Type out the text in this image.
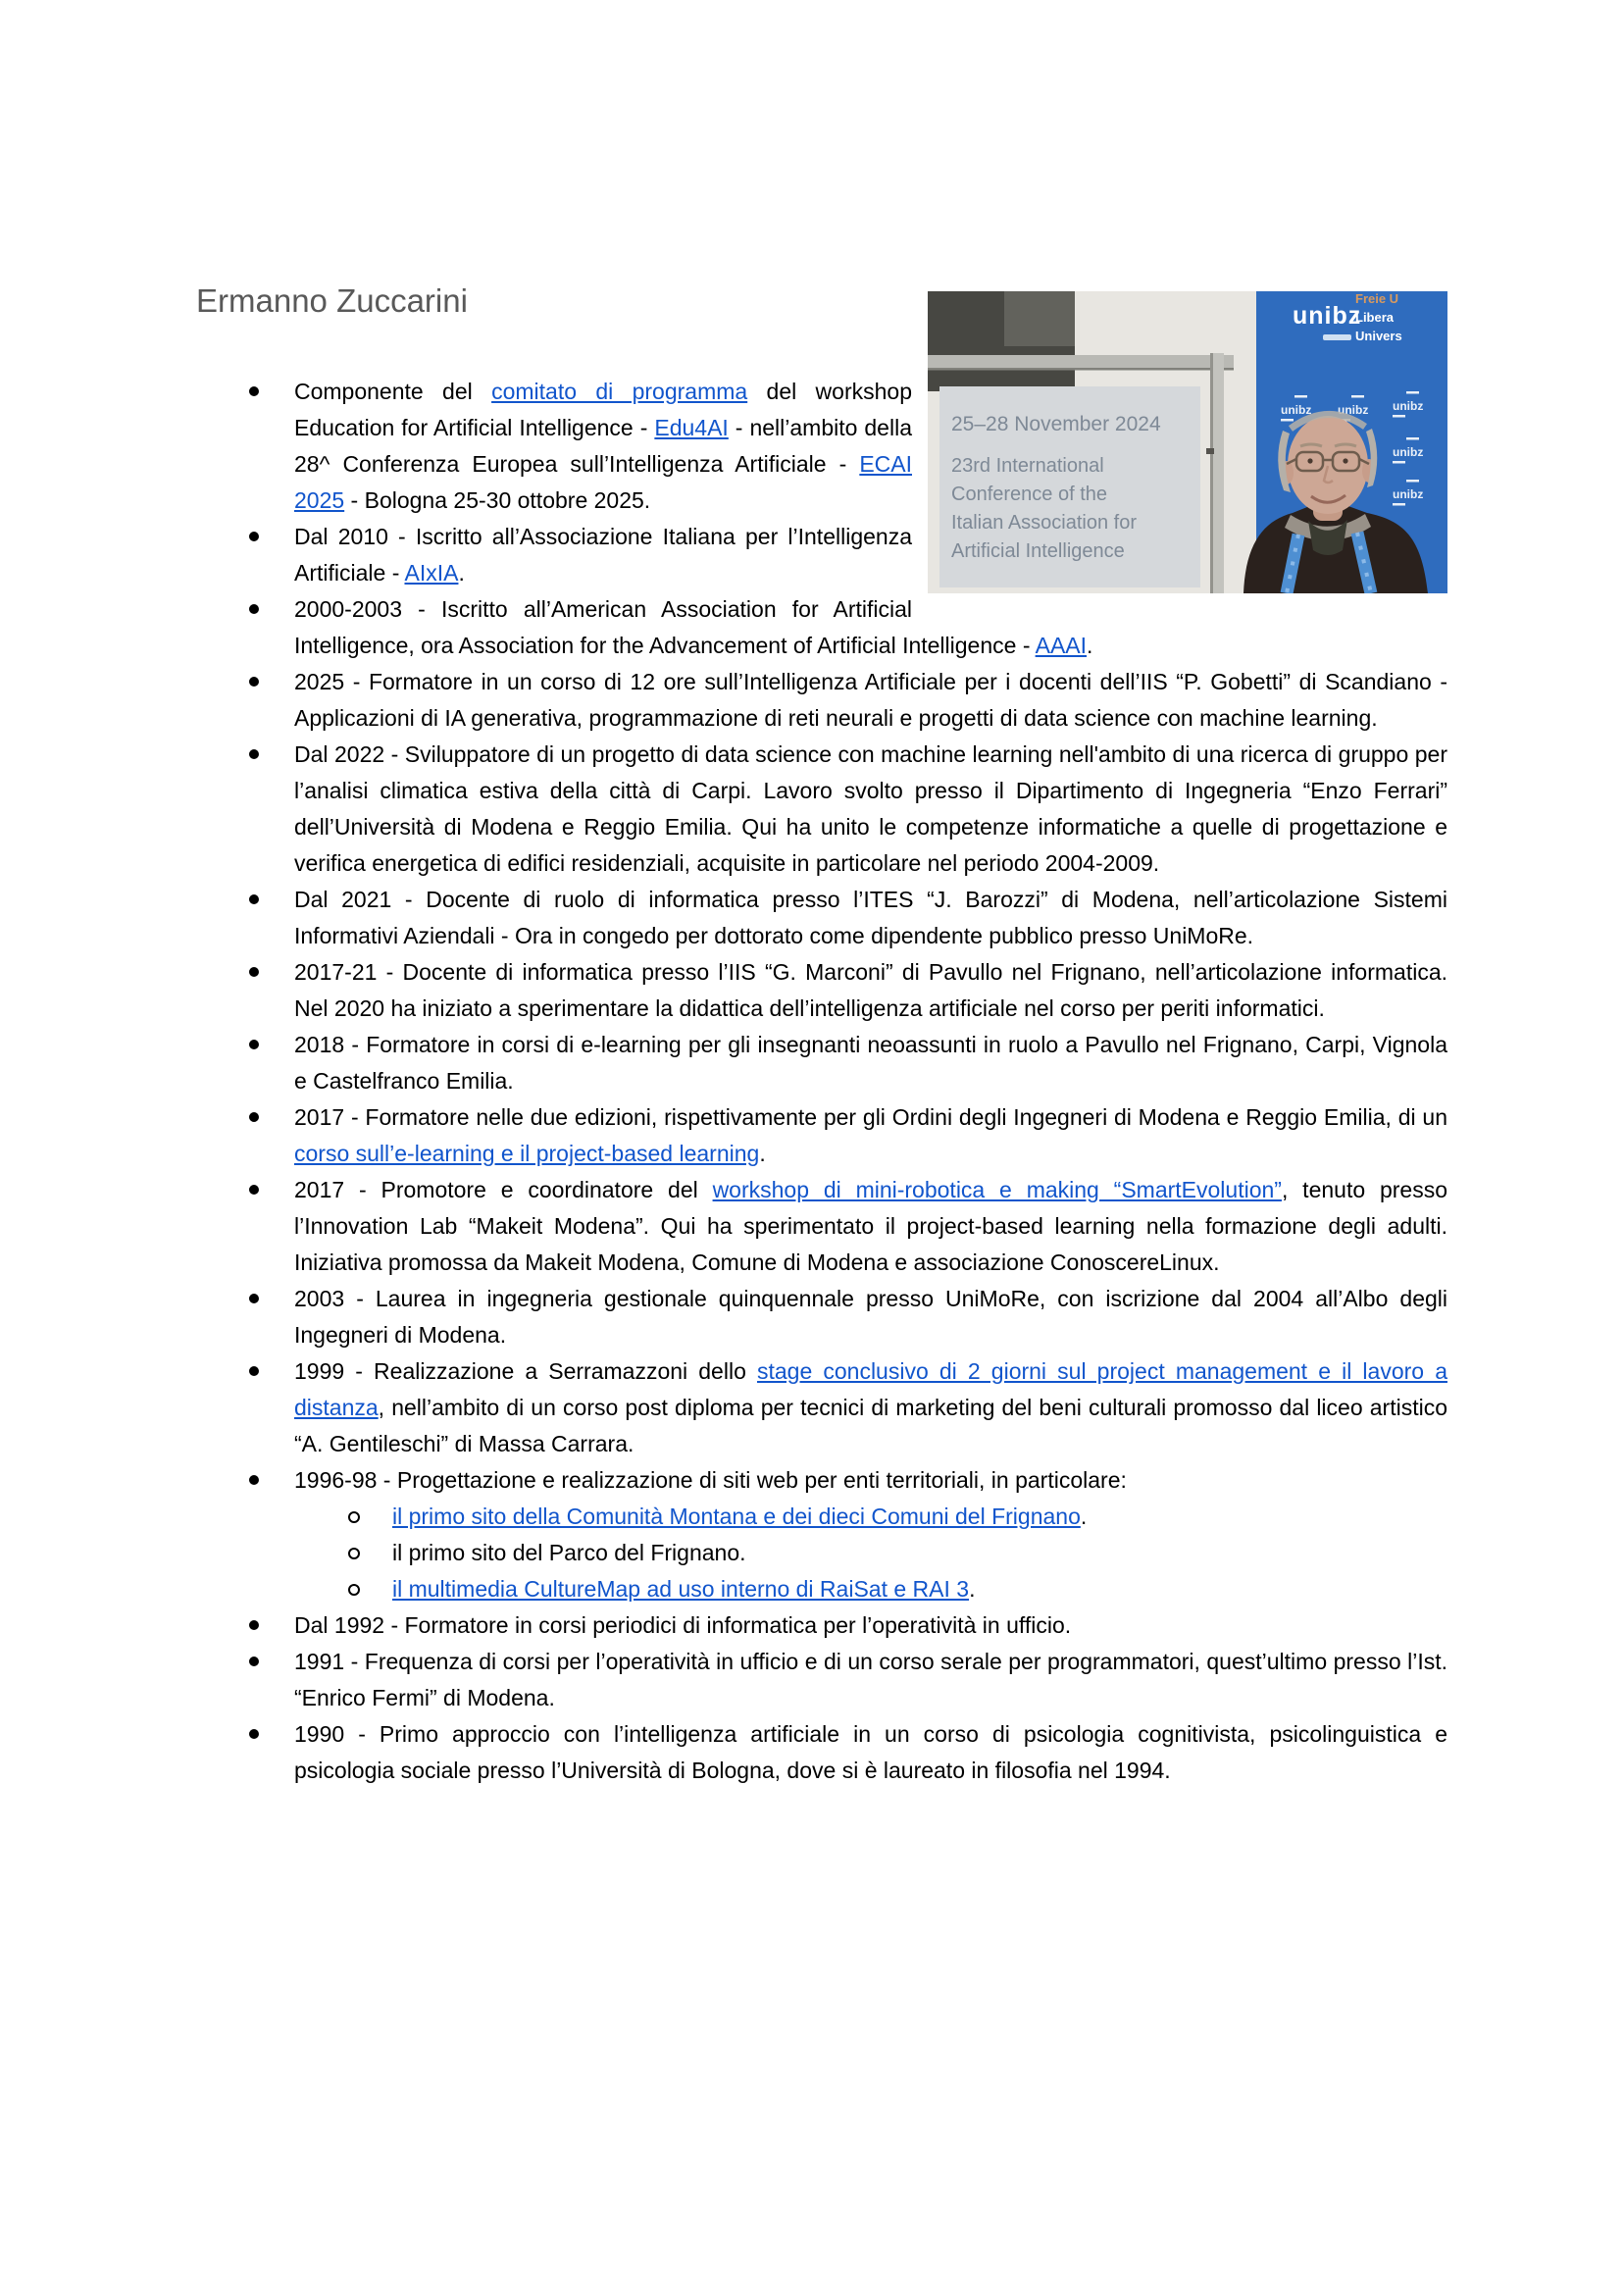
unibz
Freie U
Libera
Univers
unibz unibz unibz
unibz
unibz
25–28 November 2024
23rd International
Conference of the
Italian Association for
Artificial Intelligence
Ermanno Zuccarini
Componente del comitato di programma del workshop Education for Artificial Intelligence - Edu4AI - nell’ambito della 28^ Conferenza Europea sull’Intelligenza Artificiale - ECAI 2025 - Bologna 25-30 ottobre 2025.
Dal 2010 - Iscritto all’Associazione Italiana per l’Intelligenza Artificiale - AIxIA.
2000-2003 - Iscritto all’American Association for Artificial Intelligence, ora Association for the Advancement of Artificial Intelligence - AAAI.
2025 - Formatore in un corso di 12 ore sull’Intelligenza Artificiale per i docenti dell’IIS “P. Gobetti” di Scandiano - Applicazioni di IA generativa, programmazione di reti neurali e progetti di data science con machine learning.
Dal 2022 - Sviluppatore di un progetto di data science con machine learning nell'ambito di una ricerca di gruppo per l’analisi climatica estiva della città di Carpi. Lavoro svolto presso il Dipartimento di Ingegneria “Enzo Ferrari” dell’Università di Modena e Reggio Emilia. Qui ha unito le competenze informatiche a quelle di progettazione e verifica energetica di edifici residenziali, acquisite in particolare nel periodo 2004-2009.
Dal 2021 - Docente di ruolo di informatica presso l’ITES “J. Barozzi” di Modena, nell’articolazione Sistemi Informativi Aziendali - Ora in congedo per dottorato come dipendente pubblico presso UniMoRe.
2017-21 - Docente di informatica presso l’IIS “G. Marconi” di Pavullo nel Frignano, nell’articolazione informatica. Nel 2020 ha iniziato a sperimentare la didattica dell’intelligenza artificiale nel corso per periti informatici.
2018 - Formatore in corsi di e-learning per gli insegnanti neoassunti in ruolo a Pavullo nel Frignano, Carpi, Vignola e Castelfranco Emilia.
2017 - Formatore nelle due edizioni, rispettivamente per gli Ordini degli Ingegneri di Modena e Reggio Emilia, di un corso sull’e-learning e il project-based learning.
2017 - Promotore e coordinatore del workshop di mini-robotica e making “SmartEvolution”, tenuto presso l’Innovation Lab “Makeit Modena”. Qui ha sperimentato il project-based learning nella formazione degli adulti. Iniziativa promossa da Makeit Modena, Comune di Modena e associazione ConoscereLinux.
2003 - Laurea in ingegneria gestionale quinquennale presso UniMoRe, con iscrizione dal 2004 all’Albo degli Ingegneri di Modena.
1999 - Realizzazione a Serramazzoni dello stage conclusivo di 2 giorni sul project management e il lavoro a distanza, nell’ambito di un corso post diploma per tecnici di marketing del beni culturali promosso dal liceo artistico “A. Gentileschi” di Massa Carrara.
1996-98 - Progettazione e realizzazione di siti web per enti territoriali, in particolare:
il primo sito della Comunità Montana e dei dieci Comuni del Frignano.
il primo sito del Parco del Frignano.
il multimedia CultureMap ad uso interno di RaiSat e RAI 3.
Dal 1992 - Formatore in corsi periodici di informatica per l’operatività in ufficio.
1991 - Frequenza di corsi per l’operatività in ufficio e di un corso serale per programmatori, quest’ultimo presso l’Ist. “Enrico Fermi” di Modena.
1990 - Primo approccio con l’intelligenza artificiale in un corso di psicologia cognitivista, psicolinguistica e psicologia sociale presso l’Università di Bologna, dove si è laureato in filosofia nel 1994.
